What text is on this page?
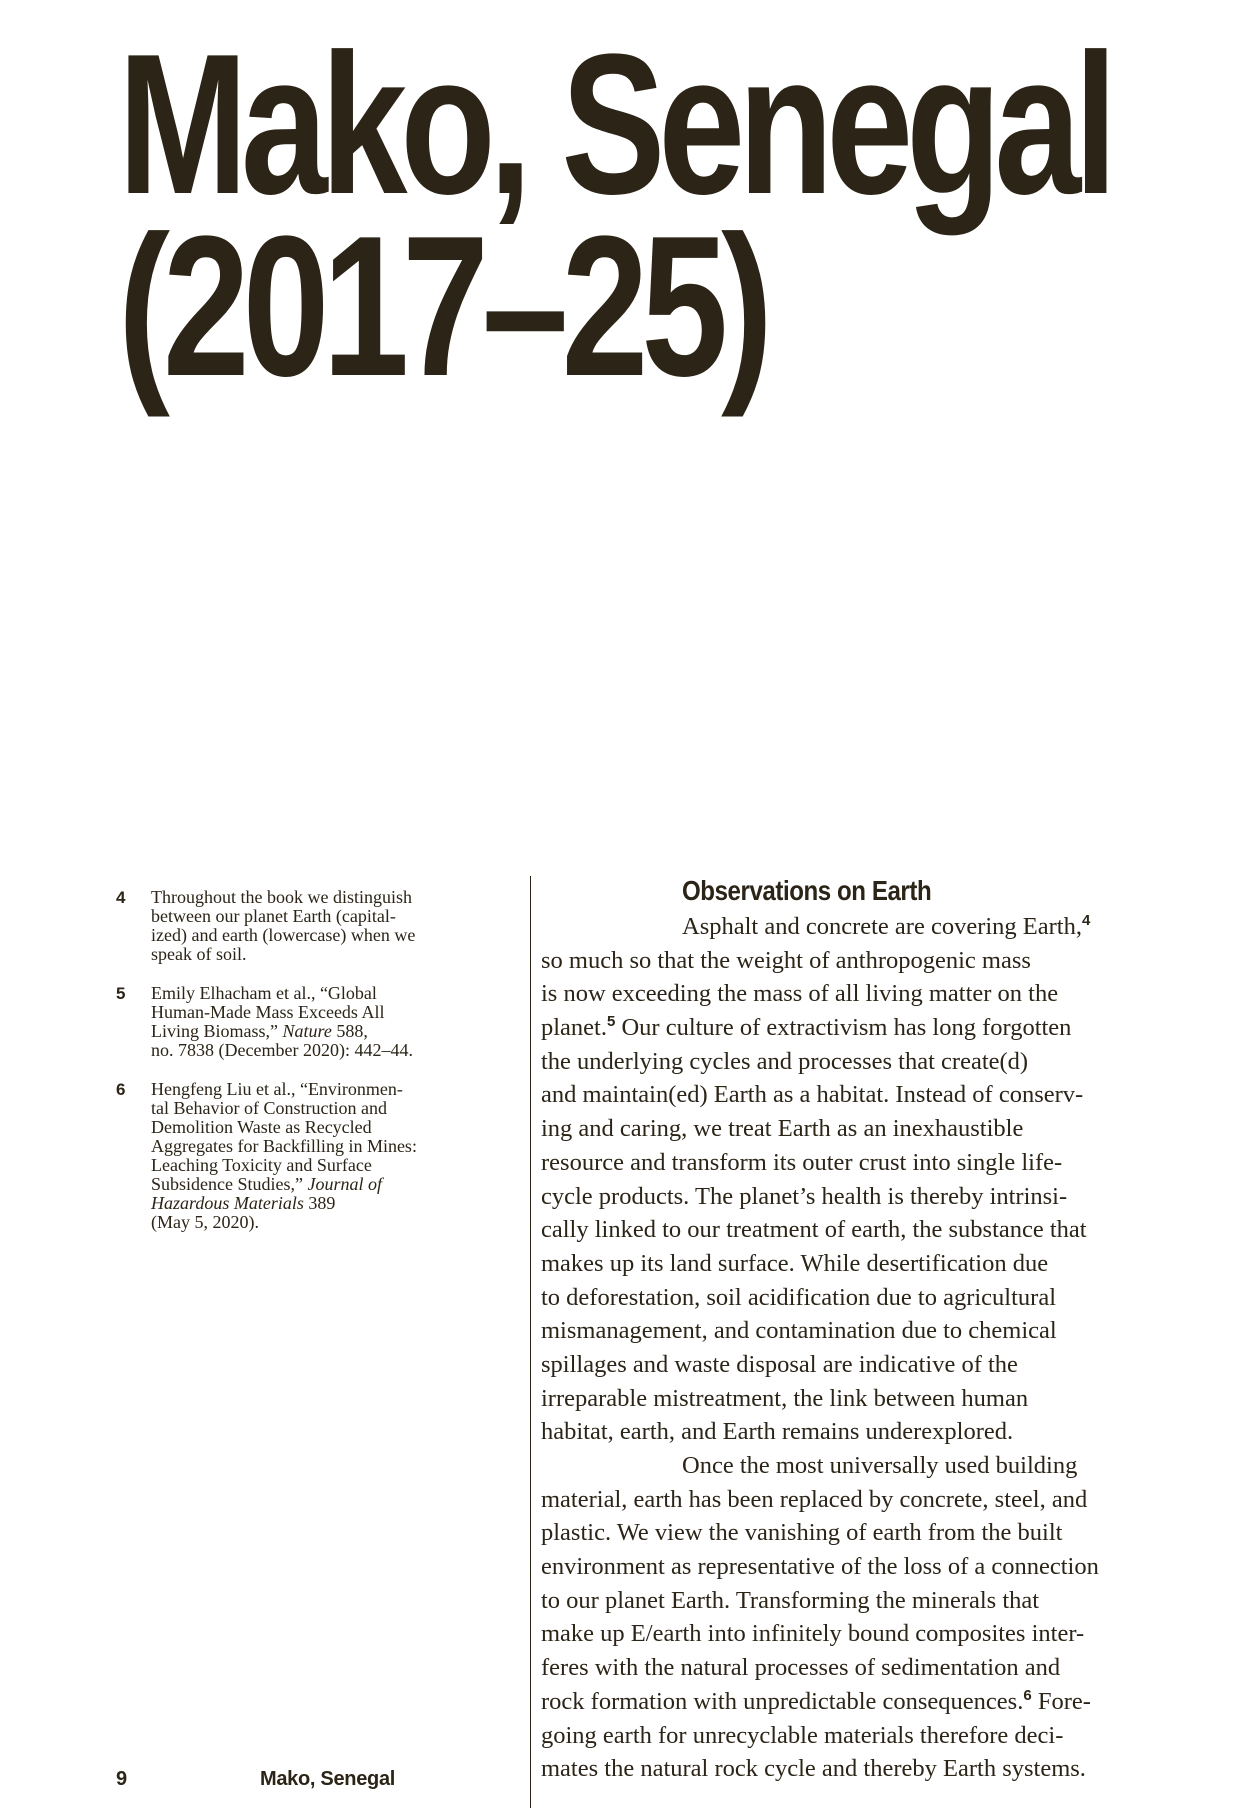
Mako, Senegal
(2017–25)
4 Throughout the book we distinguish
between our planet Earth (capital-
ized) and earth (lowercase) when we
speak of soil.
5 Emily Elhacham et al., “Global
Human-Made Mass Exceeds All
Living Biomass,” Nature 588,
no. 7838 (December 2020): 442–44.
6 Hengfeng Liu et al., “Environmen-
tal Behavior of Construction and
Demolition Waste as Recycled
Aggregates for Backfilling in Mines:
Leaching Toxicity and Surface
Subsidence Studies,” Journal of
Hazardous Materials 389
(May 5, 2020).
Observations on Earth
Asphalt and concrete are covering Earth,$^4$
so much so that the weight of anthropogenic mass
is now exceeding the mass of all living matter on the
planet.$^5$ Our culture of extractivism has long forgotten
the underlying cycles and processes that create(d)
and maintain(ed) Earth as a habitat. Instead of conserv-
ing and caring, we treat Earth as an inexhaustible
resource and transform its outer crust into single life-
cycle products. The planet’s health is thereby intrinsi-
cally linked to our treatment of earth, the substance that
makes up its land surface. While desertification due
to deforestation, soil acidification due to agricultural
mismanagement, and contamination due to chemical
spillages and waste disposal are indicative of the
irreparable mistreatment, the link between human
habitat, earth, and Earth remains underexplored.
Once the most universally used building
material, earth has been replaced by concrete, steel, and
plastic. We view the vanishing of earth from the built
environment as representative of the loss of a connection
to our planet Earth. Transforming the minerals that
make up E/earth into infinitely bound composites inter-
feres with the natural processes of sedimentation and
rock formation with unpredictable consequences.$^6$ Fore-
going earth for unrecyclable materials therefore deci-
mates the natural rock cycle and thereby Earth systems.
9	Mako, Senegal
